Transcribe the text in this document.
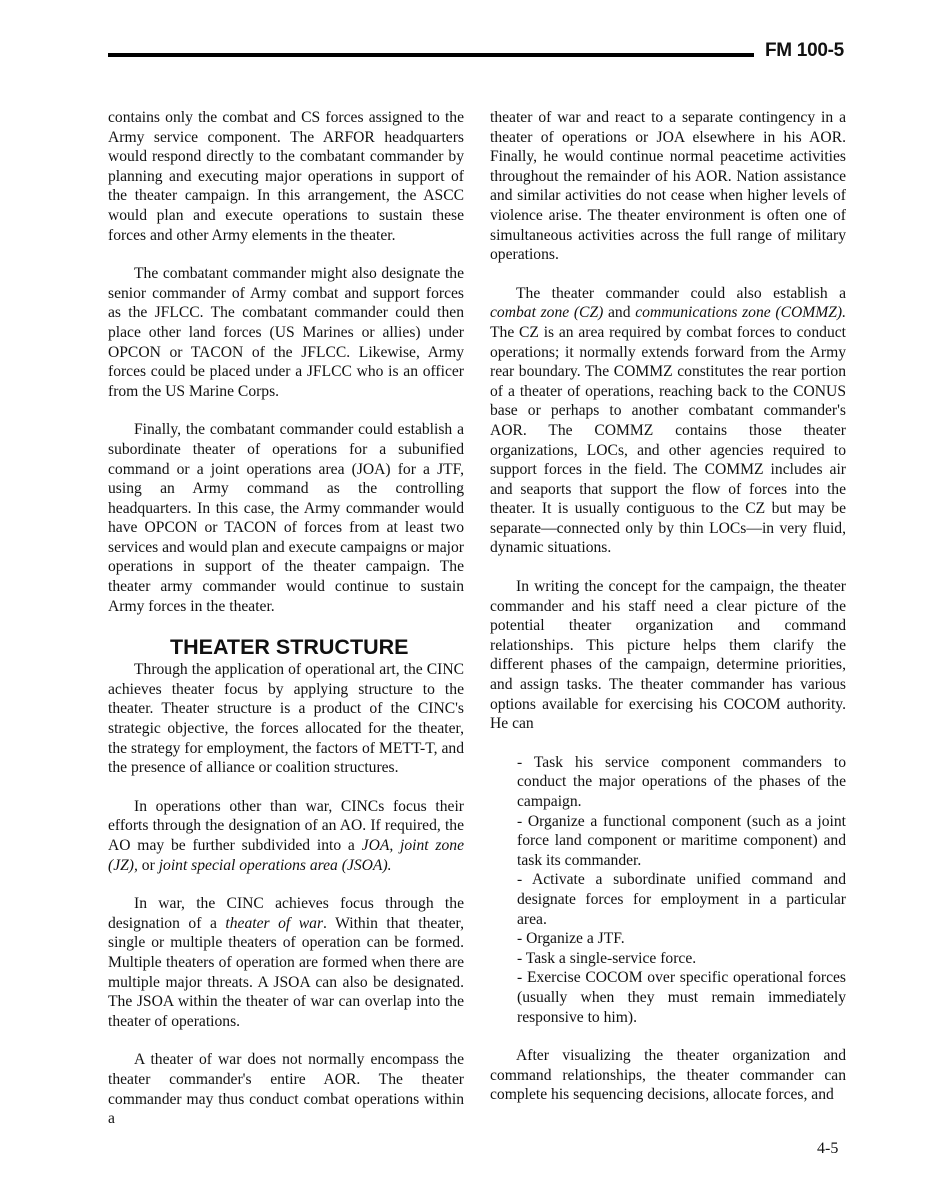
FM 100-5

contains only the combat and CS forces assigned to the Army service component. The ARFOR headquarters would respond directly to the combatant commander by planning and executing major operations in support of the theater campaign. In this arrangement, the ASCC would plan and execute operations to sustain these forces and other Army elements in the theater.

The combatant commander might also designate the senior commander of Army combat and support forces as the JFLCC. The combatant commander could then place other land forces (US Marines or allies) under OPCON or TACON of the JFLCC. Likewise, Army forces could be placed under a JFLCC who is an officer from the US Marine Corps.

Finally, the combatant commander could establish a subordinate theater of operations for a subunified command or a joint operations area (JOA) for a JTF, using an Army command as the controlling headquarters. In this case, the Army commander would have OPCON or TACON of forces from at least two services and would plan and execute campaigns or major operations in support of the theater campaign. The theater army commander would continue to sustain Army forces in the theater.

THEATER STRUCTURE

Through the application of operational art, the CINC achieves theater focus by applying structure to the theater. Theater structure is a product of the CINC's strategic objective, the forces allocated for the theater, the strategy for employment, the factors of METT-T, and the presence of alliance or coalition structures.

In operations other than war, CINCs focus their efforts through the designation of an AO. If required, the AO may be further subdivided into a JOA, joint zone (JZ), or joint special operations area (JSOA).

In war, the CINC achieves focus through the designation of a theater of war. Within that theater, single or multiple theaters of operation can be formed. Multiple theaters of operation are formed when there are multiple major threats. A JSOA can also be designated. The JSOA within the theater of war can overlap into the theater of operations.

A theater of war does not normally encompass the theater commander's entire AOR. The theater commander may thus conduct combat operations within a

theater of war and react to a separate contingency in a theater of operations or JOA elsewhere in his AOR. Finally, he would continue normal peacetime activities throughout the remainder of his AOR. Nation assistance and similar activities do not cease when higher levels of violence arise. The theater environment is often one of simultaneous activities across the full range of military operations.

The theater commander could also establish a combat zone (CZ) and communications zone (COMMZ). The CZ is an area required by combat forces to conduct operations; it normally extends forward from the Army rear boundary. The COMMZ constitutes the rear portion of a theater of operations, reaching back to the CONUS base or perhaps to another combatant commander's AOR. The COMMZ contains those theater organizations, LOCs, and other agencies required to support forces in the field. The COMMZ includes air and seaports that support the flow of forces into the theater. It is usually contiguous to the CZ but may be separate—connected only by thin LOCs—in very fluid, dynamic situations.

In writing the concept for the campaign, the theater commander and his staff need a clear picture of the potential theater organization and command relationships. This picture helps them clarify the different phases of the campaign, determine priorities, and assign tasks. The theater commander has various options available for exercising his COCOM authority. He can

- Task his service component commanders to conduct the major operations of the phases of the campaign.
- Organize a functional component (such as a joint force land component or maritime component) and task its commander.
- Activate a subordinate unified command and designate forces for employment in a particular area.
- Organize a JTF.
- Task a single-service force.
- Exercise COCOM over specific operational forces (usually when they must remain immediately responsive to him).

After visualizing the theater organization and command relationships, the theater commander can complete his sequencing decisions, allocate forces, and

4-5
